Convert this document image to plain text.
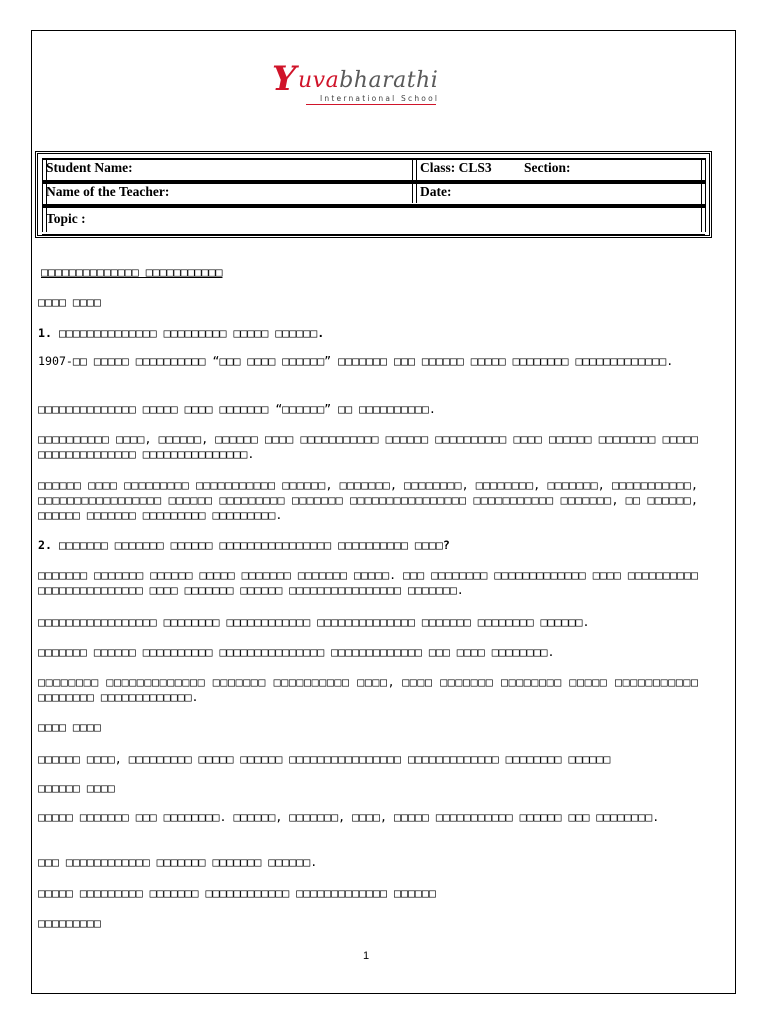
Y uvabharathi
International School
Student Name:	Class: CLS3 Section:
Name of the Teacher:	Date:
Topic :

□□□□□□□□□□□□□□ □□□□□□□□□□□

□□□□ □□□□

1. □□□□□□□□□□□□□□ □□□□□□□□□ □□□□□ □□□□□□.

1907-□□ □□□□□ □□□□□□□□□□ “□□□ □□□□ □□□□□□” □□□□□□□ □□□ □□□□□□ □□□□□ □□□□□□□□ □□□□□□□□□□□□□.

□□□□□□□□□□□□□□ □□□□□ □□□□ □□□□□□□ “□□□□□□” □□ □□□□□□□□□□.

□□□□□□□□□□ □□□□, □□□□□□, □□□□□□ □□□□ □□□□□□□□□□□ □□□□□□ □□□□□□□□□□ □□□□ □□□□□□ □□□□□□□□ □□□□□ □□□□□□□□□□□□□□ □□□□□□□□□□□□□□□.

□□□□□□ □□□□ □□□□□□□□□ □□□□□□□□□□□ □□□□□□, □□□□□□□, □□□□□□□□, □□□□□□□□, □□□□□□□, □□□□□□□□□□□, □□□□□□□□□□□□□□□□□ □□□□□□ □□□□□□□□□ □□□□□□□ □□□□□□□□□□□□□□□□ □□□□□□□□□□□ □□□□□□□, □□ □□□□□□, □□□□□□ □□□□□□□ □□□□□□□□□ □□□□□□□□□.

2. □□□□□□□ □□□□□□□ □□□□□□ □□□□□□□□□□□□□□□□ □□□□□□□□□□ □□□□?

□□□□□□□ □□□□□□□ □□□□□□ □□□□□ □□□□□□□ □□□□□□□ □□□□□. □□□ □□□□□□□□ □□□□□□□□□□□□□ □□□□ □□□□□□□□□□ □□□□□□□□□□□□□□□ □□□□ □□□□□□□ □□□□□□ □□□□□□□□□□□□□□□□ □□□□□□□.

□□□□□□□□□□□□□□□□□ □□□□□□□□ □□□□□□□□□□□□ □□□□□□□□□□□□□□ □□□□□□□ □□□□□□□□ □□□□□□.

□□□□□□□ □□□□□□ □□□□□□□□□□ □□□□□□□□□□□□□□□ □□□□□□□□□□□□□ □□□ □□□□ □□□□□□□□.

□□□□□□□□ □□□□□□□□□□□□□ □□□□□□□ □□□□□□□□□□ □□□□, □□□□ □□□□□□□ □□□□□□□□ □□□□□ □□□□□□□□□□□ □□□□□□□□ □□□□□□□□□□□□□.

□□□□ □□□□

□□□□□□ □□□□, □□□□□□□□□ □□□□□ □□□□□□ □□□□□□□□□□□□□□□□ □□□□□□□□□□□□□ □□□□□□□□ □□□□□□

□□□□□□ □□□□

□□□□□ □□□□□□□ □□□ □□□□□□□□. □□□□□□, □□□□□□□, □□□□, □□□□□ □□□□□□□□□□□ □□□□□□ □□□ □□□□□□□□.

□□□ □□□□□□□□□□□□ □□□□□□□ □□□□□□□ □□□□□□.

□□□□□ □□□□□□□□□ □□□□□□□ □□□□□□□□□□□□ □□□□□□□□□□□□□ □□□□□□

□□□□□□□□□

1
